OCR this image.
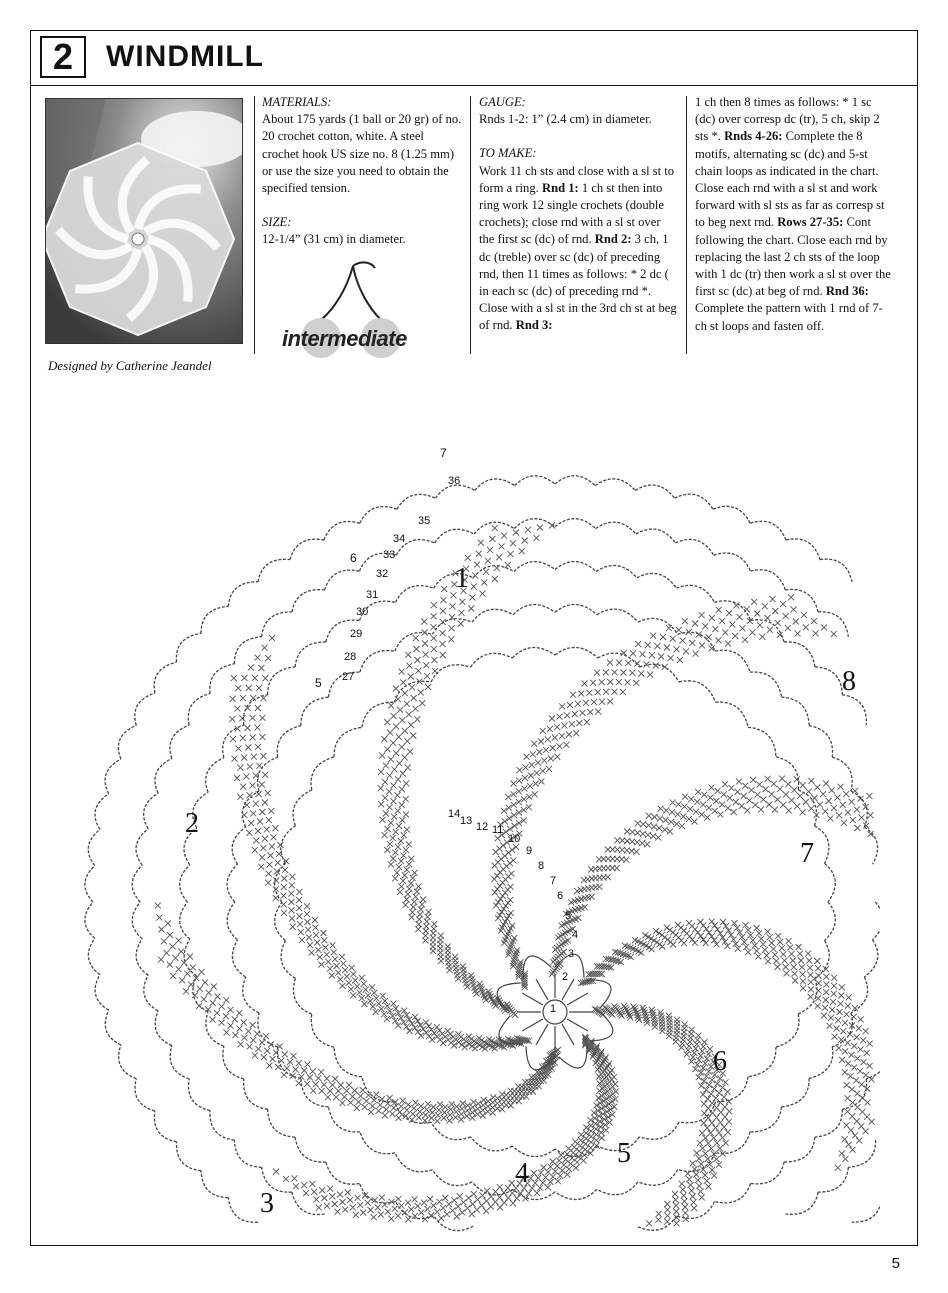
2	WINDMILL
Designed by Catherine Jeandel
MATERIALS:
About 175 yards (1 ball or 20 gr) of no. 20 crochet cotton, white. A steel crochet hook US size no. 8 (1.25 mm) or use the size you need to obtain the specified tension.
SIZE:
12-1/4” (31 cm) in diameter.
intermediate
GAUGE:
Rnds 1-2: 1” (2.4 cm) in diameter.
TO MAKE:
Work 11 ch sts and close with a sl st to form a ring. Rnd 1: 1 ch st then into ring work 12 single crochets (double crochets); close rnd with a sl st over the first sc (dc) of rnd. Rnd 2: 3 ch, 1 dc (treble) over sc (dc) of preceding rnd, then 11 times as follows: * 2 dc ( in each sc (dc) of preceding rnd *. Close with a sl st in the 3rd ch st at beg of rnd. Rnd 3:
1 ch then 8 times as follows: * 1 sc (dc) over corresp dc (tr), 5 ch, skip 2 sts *. Rnds 4-26: Complete the 8 motifs, alternating sc (dc) and 5-st chain loops as indicated in the chart. Close each rnd with a sl st and work forward with sl sts as far as corresp st to beg next rnd. Rows 27-35: Cont following the chart. Close each rnd by replacing the last 2 ch sts of the loop with 1 dc (tr) then work a sl st over the first sc (dc) at beg of rnd. Rnd 36: Complete the pattern with 1 rnd of 7- ch st loops and fasten off.
1
2
3
4
5
6
7
8
1
2
3
4
5
6
7
8
9
10
11
12
13
14
27
28
29
30
31
32
33
34
35
36
5
6
7
5
